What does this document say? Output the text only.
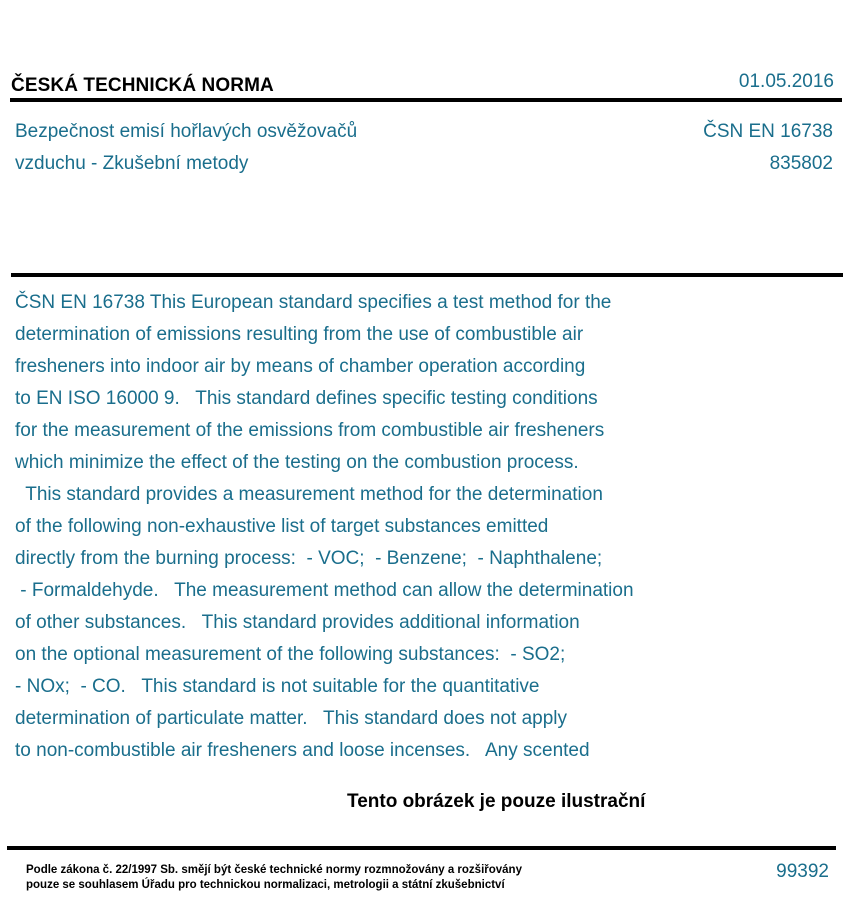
ČESKÁ TECHNICKÁ NORMA	01.05.2016
Bezpečnost emisí hořlavých osvěžovačů
vzduchu - Zkušební metody
ČSN EN 16738
835802
ČSN EN 16738 This European standard specifies a test method for the
determination of emissions resulting from the use of combustible air
fresheners into indoor air by means of chamber operation according
to EN ISO 16000 9.   This standard defines specific testing conditions
for the measurement of the emissions from combustible air fresheners
which minimize the effect of the testing on the combustion process.
This standard provides a measurement method for the determination
of the following non-exhaustive list of target substances emitted
directly from the burning process:  - VOC;  - Benzene;  - Naphthalene;
- Formaldehyde.   The measurement method can allow the determination
of other substances.   This standard provides additional information
on the optional measurement of the following substances:  - SO2;
- NOx;  - CO.   This standard is not suitable for the quantitative
determination of particulate matter.   This standard does not apply
to non-combustible air fresheners and loose incenses.   Any scented
Tento obrázek je pouze ilustrační
Podle zákona č. 22/1997 Sb. smějí být české technické normy rozmnožovány a rozšiřovány
pouze se souhlasem Úřadu pro technickou normalizaci, metrologii a státní zkušebnictví
99392
